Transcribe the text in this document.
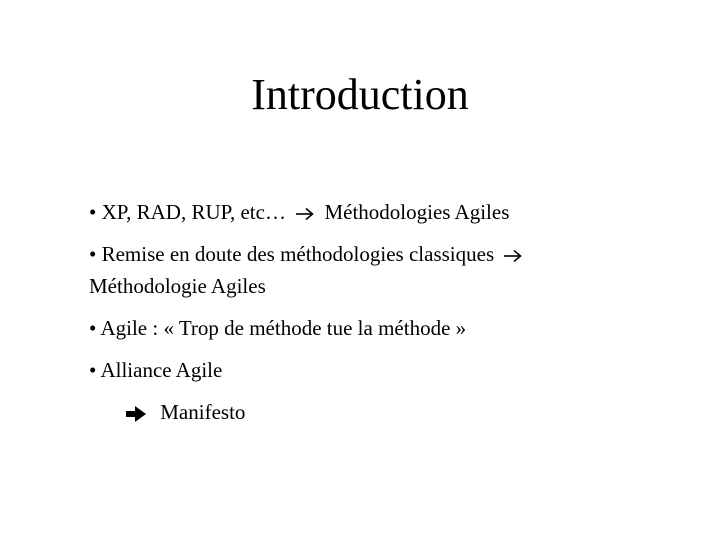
Introduction
• XP, RAD, RUP, etc… Méthodologies Agiles
• Remise en doute des méthodologies classiques  Méthodologie Agiles
• Agile : « Trop de méthode tue la méthode »
• Alliance Agile
Manifesto
